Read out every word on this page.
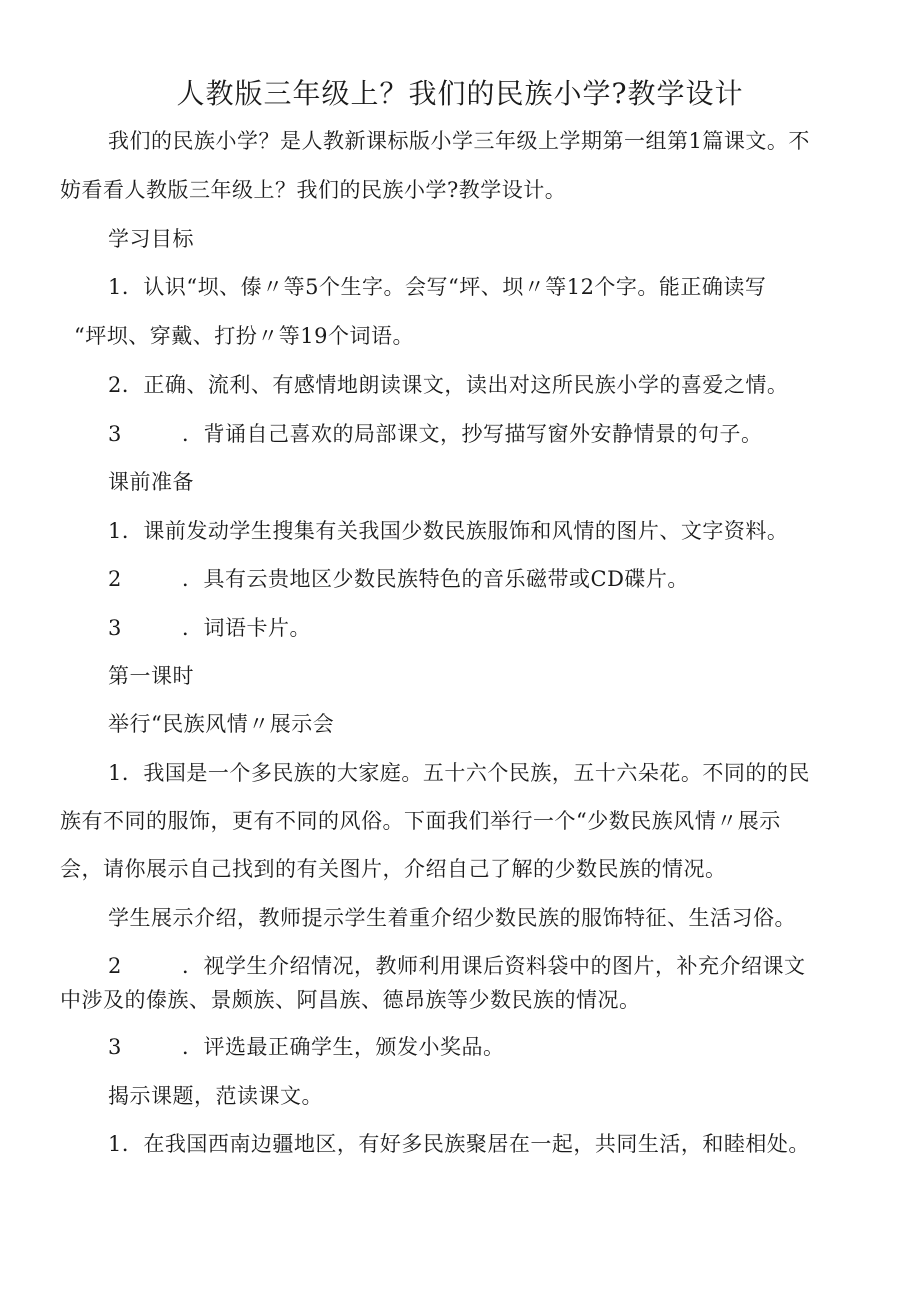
人教版三年级上？我们的民族小学?教学设计
我们的民族小学？是人教新课标版小学三年级上学期第一组第1篇课文。不
妨看看人教版三年级上？我们的民族小学?教学设计。
学习目标
1．认识“坝、傣〃等5个生字。会写“坪、坝〃等12个字。能正确读写
“坪坝、穿戴、打扮〃等19个词语。
2．正确、流利、有感情地朗读课文，读出对这所民族小学的喜爱之情。
3	．背诵自己喜欢的局部课文，抄写描写窗外安静情景的句子。
课前准备
1．课前发动学生搜集有关我国少数民族服饰和风情的图片、文字资料。
2	．具有云贵地区少数民族特色的音乐磁带或CD碟片。
3	．词语卡片。
第一课时
举行“民族风情〃展示会
1．我国是一个多民族的大家庭。五十六个民族，五十六朵花。不同的的民
族有不同的服饰，更有不同的风俗。下面我们举行一个“少数民族风情〃展示
会，请你展示自己找到的有关图片，介绍自己了解的少数民族的情况。
学生展示介绍，教师提示学生着重介绍少数民族的服饰特征、生活习俗。
2	．视学生介绍情况，教师利用课后资料袋中的图片，补充介绍课文
中涉及的傣族、景颇族、阿昌族、德昂族等少数民族的情况。
3	．评选最正确学生，颁发小奖品。
揭示课题，范读课文。
1．在我国西南边疆地区，有好多民族聚居在一起，共同生活，和睦相处。
